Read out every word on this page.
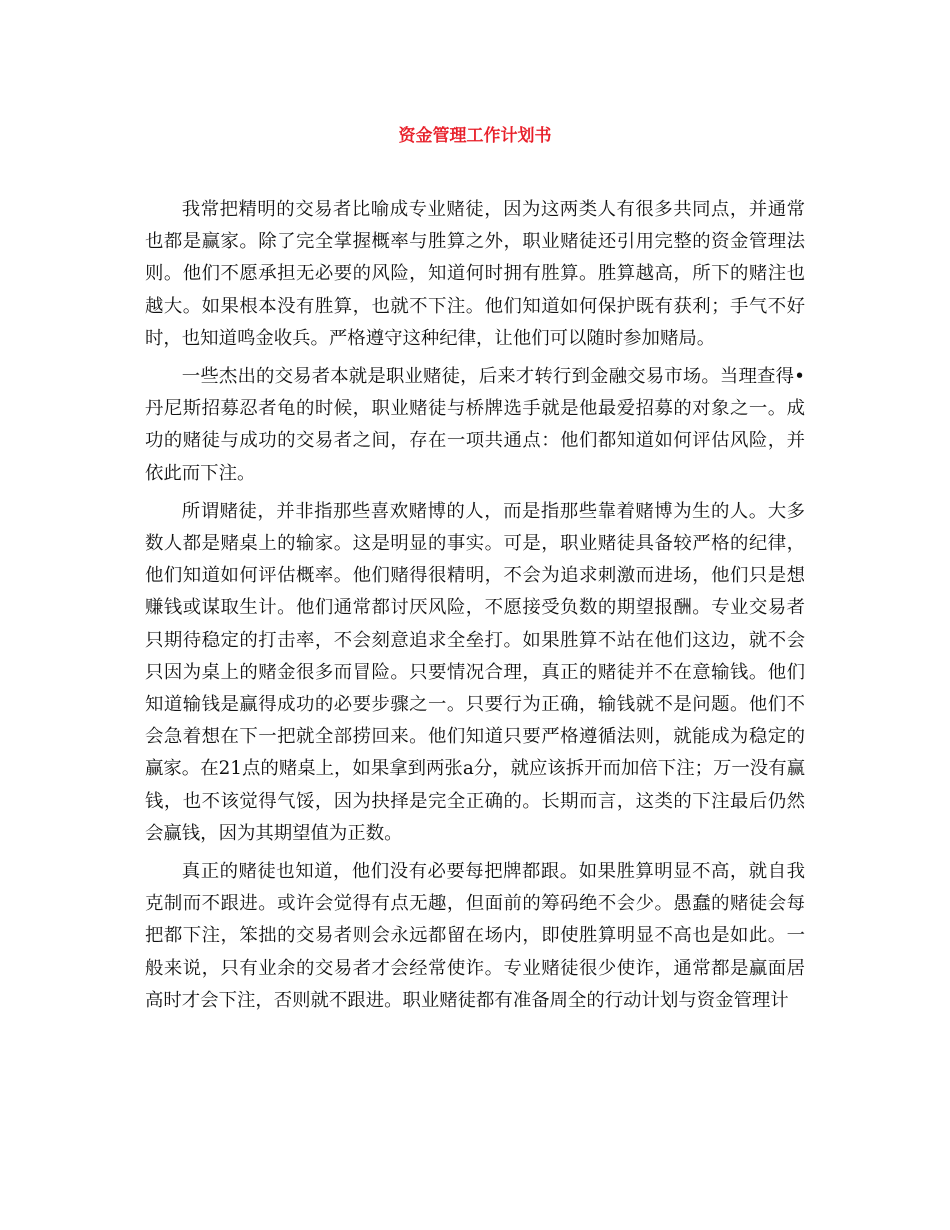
资金管理工作计划书

我常把精明的交易者比喻成专业赌徒，因为这两类人有很多共同点，并通常也都是赢家。除了完全掌握概率与胜算之外，职业赌徒还引用完整的资金管理法则。他们不愿承担无必要的风险，知道何时拥有胜算。胜算越高，所下的赌注也越大。如果根本没有胜算，也就不下注。他们知道如何保护既有获利；手气不好时，也知道鸣金收兵。严格遵守这种纪律，让他们可以随时参加赌局。

一些杰出的交易者本就是职业赌徒，后来才转行到金融交易市场。当理查得•丹尼斯招募忍者龟的时候，职业赌徒与桥牌选手就是他最爱招募的对象之一。成功的赌徒与成功的交易者之间，存在一项共通点：他们都知道如何评估风险，并依此而下注。

所谓赌徒，并非指那些喜欢赌博的人，而是指那些靠着赌博为生的人。大多数人都是赌桌上的输家。这是明显的事实。可是，职业赌徒具备较严格的纪律，他们知道如何评估概率。他们赌得很精明，不会为追求刺激而进场，他们只是想赚钱或谋取生计。他们通常都讨厌风险，不愿接受负数的期望报酬。专业交易者只期待稳定的打击率，不会刻意追求全垒打。如果胜算不站在他们这边，就不会只因为桌上的赌金很多而冒险。只要情况合理，真正的赌徒并不在意输钱。他们知道输钱是赢得成功的必要步骤之一。只要行为正确，输钱就不是问题。他们不会急着想在下一把就全部捞回来。他们知道只要严格遵循法则，就能成为稳定的赢家。在21点的赌桌上，如果拿到两张a分，就应该拆开而加倍下注；万一没有赢钱，也不该觉得气馁，因为抉择是完全正确的。长期而言，这类的下注最后仍然会赢钱，因为其期望值为正数。

真正的赌徒也知道，他们没有必要每把牌都跟。如果胜算明显不高，就自我克制而不跟进。或许会觉得有点无趣，但面前的筹码绝不会少。愚蠢的赌徒会每把都下注，笨拙的交易者则会永远都留在场内，即使胜算明显不高也是如此。一般来说，只有业余的交易者才会经常使诈。专业赌徒很少使诈，通常都是赢面居高时才会下注，否则就不跟进。职业赌徒都有准备周全的行动计划与资金管理计
